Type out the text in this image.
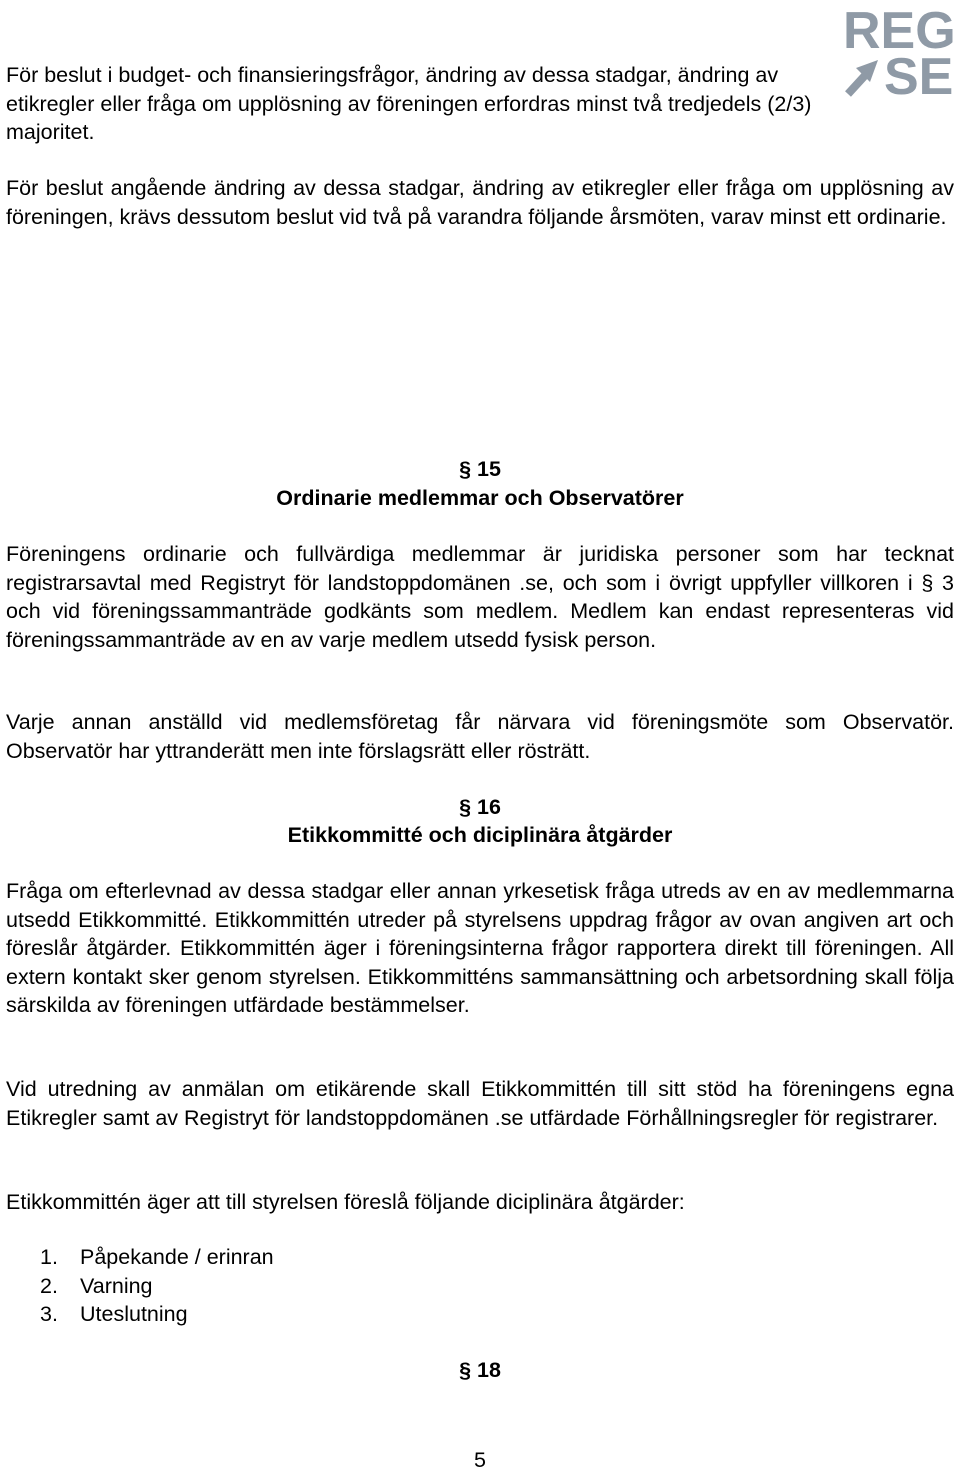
REG
SE

För beslut i budget- och finansieringsfrågor, ändring av dessa stadgar, ändring av etikregler eller fråga om upplösning av föreningen erfordras minst två tredjedels (2/3) majoritet.

För beslut angående ändring av dessa stadgar, ändring av etikregler eller fråga om upplösning av föreningen, krävs dessutom beslut vid två på varandra följande årsmöten, varav minst ett ordinarie.

§ 15
Ordinarie medlemmar och Observatörer

Föreningens ordinarie och fullvärdiga medlemmar är juridiska personer som har tecknat registrarsavtal med Registryt för landstoppdomänen .se, och som i övrigt uppfyller villkoren i § 3 och vid föreningssammanträde godkänts som medlem. Medlem kan endast representeras vid föreningssammanträde av en av varje medlem utsedd fysisk person.

Varje annan anställd vid medlemsföretag får närvara vid föreningsmöte som Observatör. Observatör har yttranderätt men inte förslagsrätt eller rösträtt.

§ 16
Etikkommitté och diciplinära åtgärder

Fråga om efterlevnad av dessa stadgar eller annan yrkesetisk fråga utreds av en av medlemmarna utsedd Etikkommitté. Etikkommittén utreder på styrelsens uppdrag frågor av ovan angiven art och föreslår åtgärder. Etikkommittén äger i föreningsinterna frågor rapportera direkt till föreningen. All extern kontakt sker genom styrelsen. Etikkommitténs sammansättning och arbetsordning skall följa särskilda av föreningen utfärdade bestämmelser.

Vid utredning av anmälan om etikärende skall Etikkommittén till sitt stöd ha föreningens egna Etikregler samt av Registryt för landstoppdomänen .se utfärdade Förhållningsregler för registrarer.

Etikkommittén äger att till styrelsen föreslå följande diciplinära åtgärder:

1.	Påpekande / erinran
2.	Varning
3.	Uteslutning
§ 18
5
